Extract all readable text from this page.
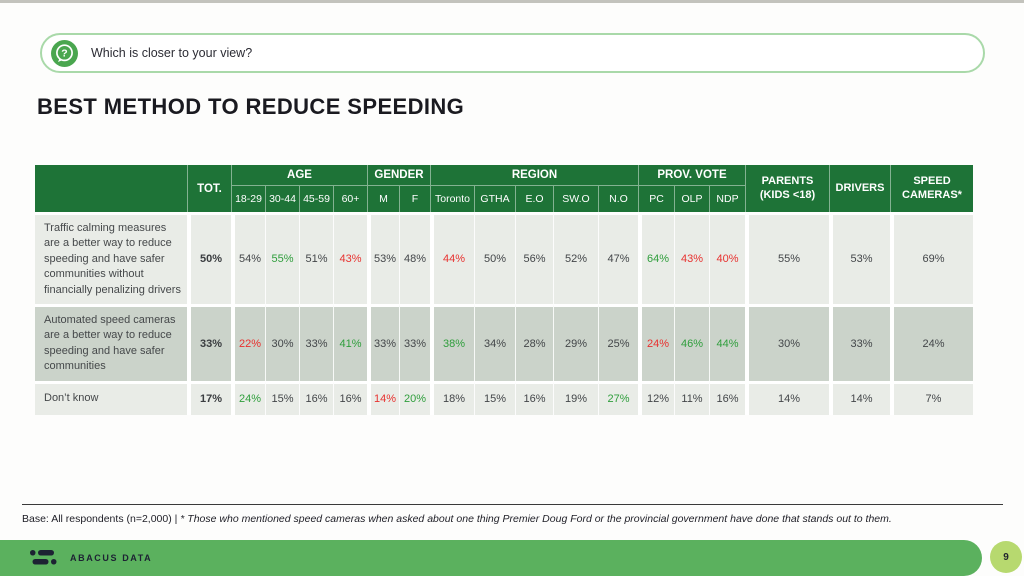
? Which is closer to your view?
BEST METHOD TO REDUCE SPEEDING
	TOT.	AGE				GENDER		REGION					PROV. VOTE			PARENTS (KIDS <18)	DRIVERS	SPEED CAMERAS*
		18-29	30-44	45-59	60+	M	F	Toronto	GTHA	E.O	SW.O	N.O	PC	OLP	NDP			
Traffic calming measures are a better way to reduce speeding and have safer communities without financially penalizing drivers	50%	54%	55%	51%	43%	53%	48%	44%	50%	56%	52%	47%	64%	43%	40%	55%	53%	69%
Automated speed cameras are a better way to reduce speeding and have safer communities	33%	22%	30%	33%	41%	33%	33%	38%	34%	28%	29%	25%	24%	46%	44%	30%	33%	24%
Don’t know	17%	24%	15%	16%	16%	14%	20%	18%	15%	16%	19%	27%	12%	11%	16%	14%	14%	7%
Base: All respondents (n=2,000) | * Those who mentioned speed cameras when asked about one thing Premier Doug Ford or the provincial government have done that stands out to them.
ABACUS DATA	9
